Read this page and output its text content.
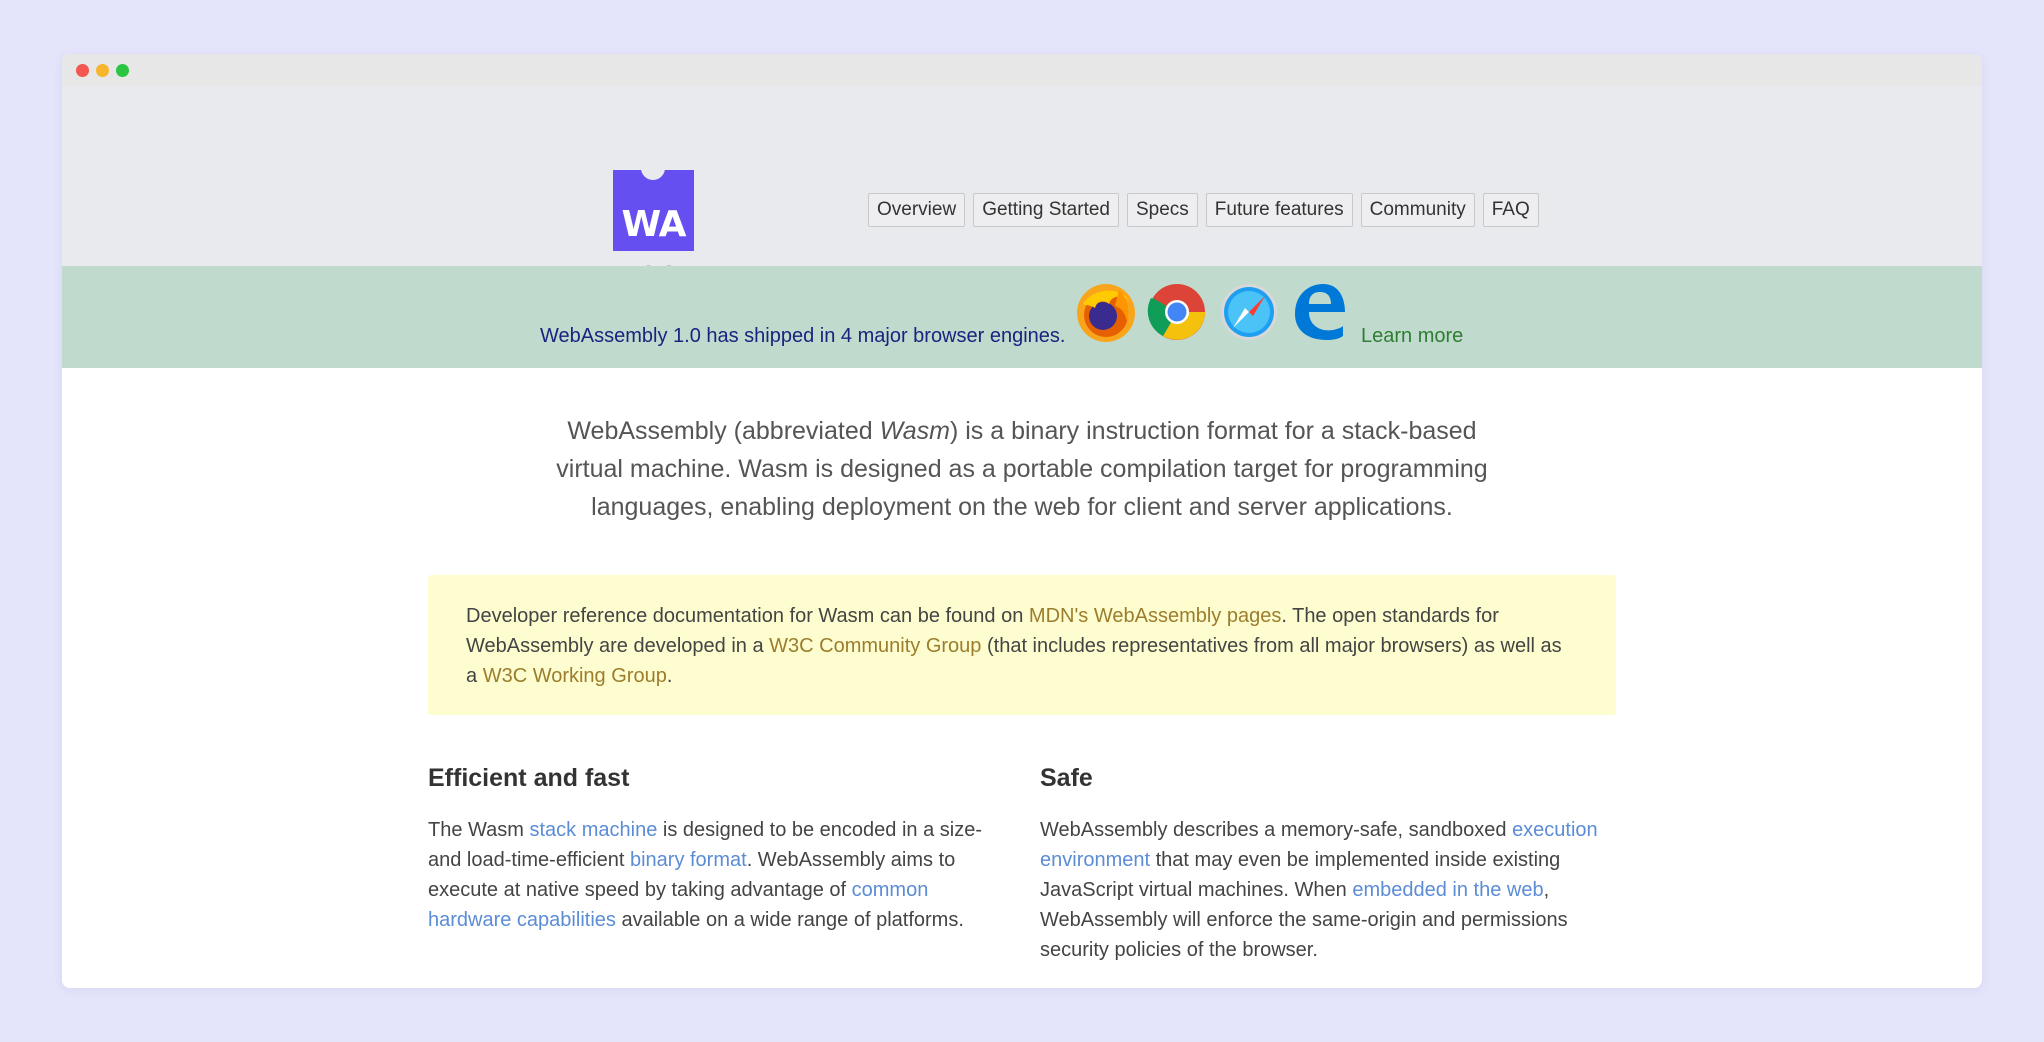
WA	Overview	Getting Started	Specs	Future features	Community	FAQ
WebAssembly 1.0 has shipped in 4 major browser engines.	Learn more

WebAssembly (abbreviated Wasm) is a binary instruction format for a stack-based virtual machine. Wasm is designed as a portable compilation target for programming languages, enabling deployment on the web for client and server applications.

Developer reference documentation for Wasm can be found on MDN's WebAssembly pages. The open standards for WebAssembly are developed in a W3C Community Group (that includes representatives from all major browsers) as well as a W3C Working Group.
Efficient and fast

The Wasm stack machine is designed to be encoded in a size- and load-time-efficient binary format. WebAssembly aims to execute at native speed by taking advantage of common hardware capabilities available on a wide range of platforms.

Safe

WebAssembly describes a memory-safe, sandboxed execution environment that may even be implemented inside existing JavaScript virtual machines. When embedded in the web, WebAssembly will enforce the same-origin and permissions security policies of the browser.
